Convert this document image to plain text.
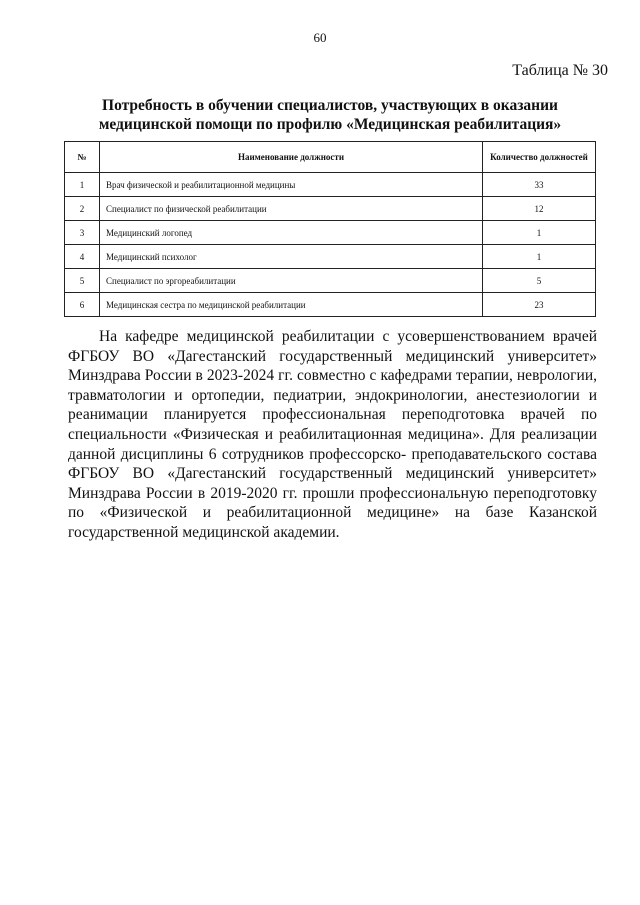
60
Таблица № 30
Потребность в обучении специалистов, участвующих в оказании медицинской помощи по профилю «Медицинская реабилитация»
№	Наименование должности	Количество должностей
1	Врач физической и реабилитационной медицины	33
2	Специалист по физической реабилитации	12
3	Медицинский логопед	1
4	Медицинский психолог	1
5	Специалист по эргореабилитации	5
6	Медицинская сестра по медицинской реабилитации	23

На кафедре медицинской реабилитации с усовершенствованием врачей ФГБОУ ВО «Дагестанский государственный медицинский университет» Минздрава России в 2023-2024 гг. совместно с кафедрами терапии, неврологии, травматологии и ортопедии, педиатрии, эндокринологии, анестезиологии и реанимации планируется профессиональная переподготовка врачей по специальности «Физическая и реабилитационная медицина». Для реализации данной дисциплины 6 сотрудников профессорско- преподавательского состава ФГБОУ ВО «Дагестанский государственный медицинский университет» Минздрава России в 2019-2020 гг. прошли профессиональную переподготовку по «Физической и реабилитационной медицине» на базе Казанской государственной медицинской академии.
